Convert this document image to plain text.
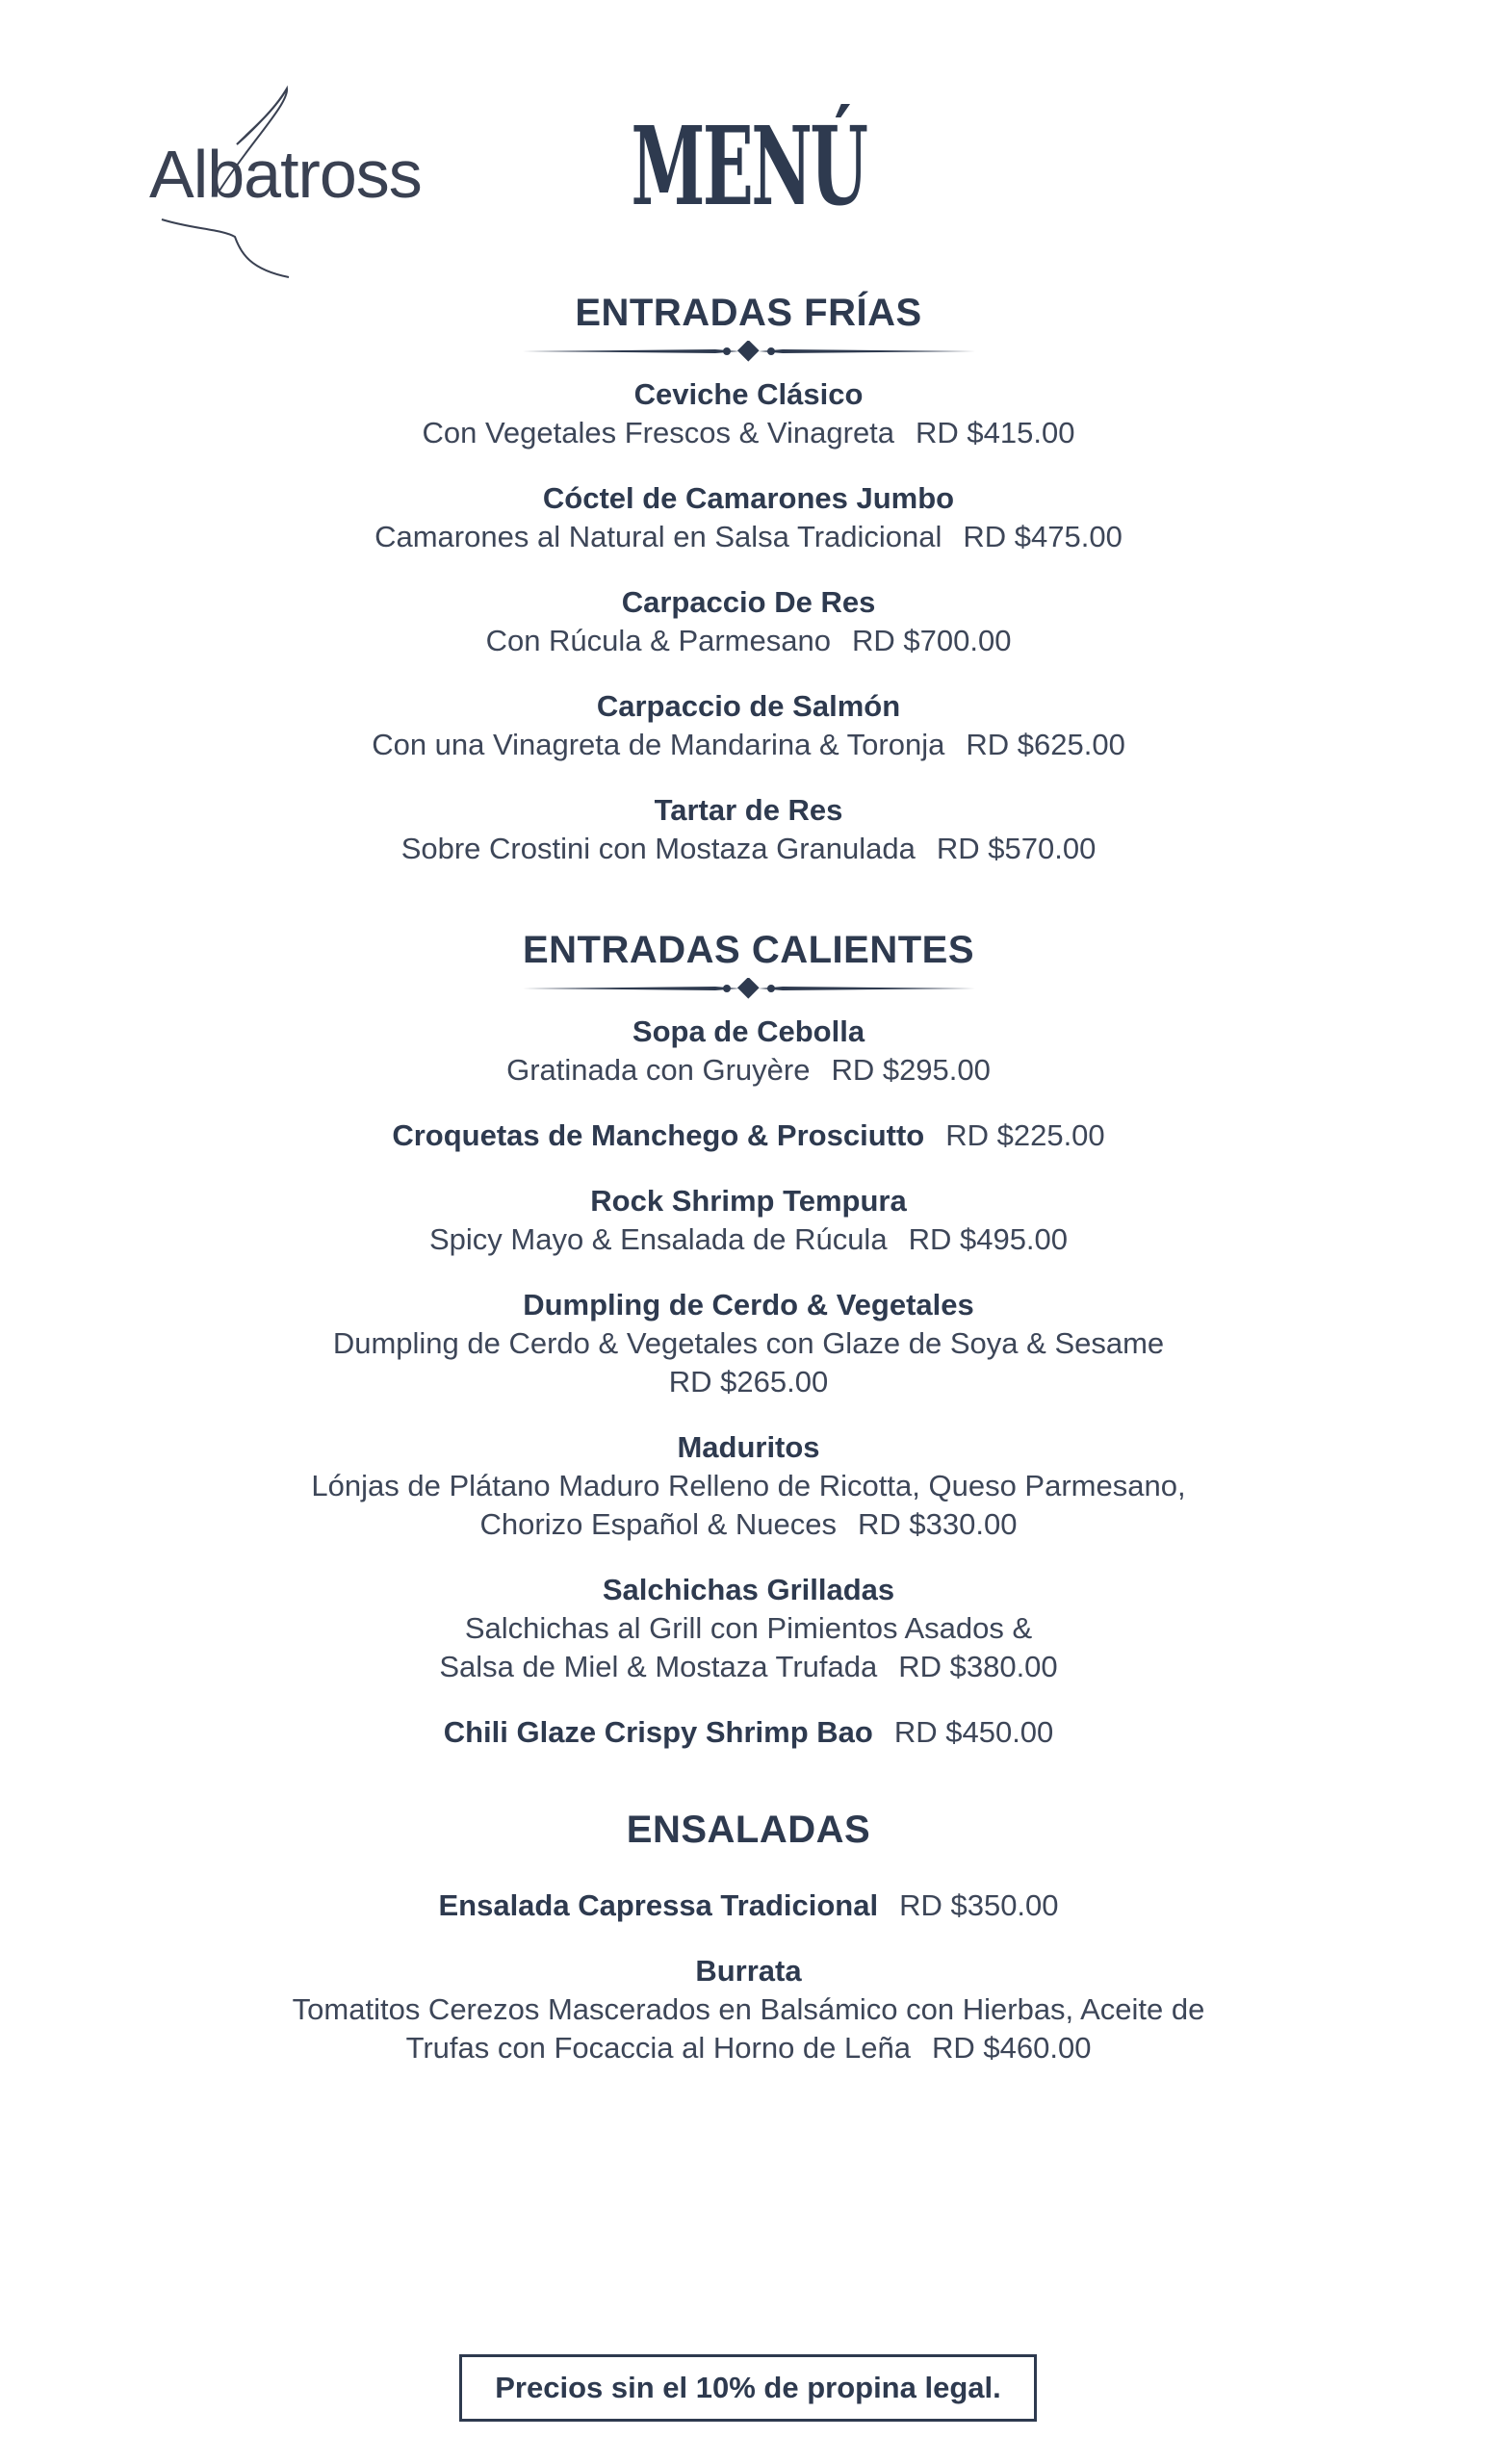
Albatross	MENÚ
ENTRADAS FRÍAS
Ceviche Clásico
Con Vegetales Frescos & Vinagreta RD $415.00
Cóctel de Camarones Jumbo
Camarones al Natural en Salsa Tradicional RD $475.00
Carpaccio De Res
Con Rúcula & Parmesano RD $700.00
Carpaccio de Salmón
Con una Vinagreta de Mandarina & Toronja RD $625.00
Tartar de Res
Sobre Crostini con Mostaza Granulada RD $570.00
ENTRADAS CALIENTES
Sopa de Cebolla
Gratinada con Gruyère RD $295.00
Croquetas de Manchego & Prosciutto RD $225.00
Rock Shrimp Tempura
Spicy Mayo & Ensalada de Rúcula RD $495.00
Dumpling de Cerdo & Vegetales
Dumpling de Cerdo & Vegetales con Glaze de Soya & Sesame
RD $265.00
Maduritos
Lónjas de Plátano Maduro Relleno de Ricotta, Queso Parmesano,
Chorizo Español & Nueces RD $330.00
Salchichas Grilladas
Salchichas al Grill con Pimientos Asados &
Salsa de Miel & Mostaza Trufada RD $380.00
Chili Glaze Crispy Shrimp Bao RD $450.00
ENSALADAS
Ensalada Capressa Tradicional RD $350.00
Burrata
Tomatitos Cerezos Mascerados en Balsámico con Hierbas, Aceite de
Trufas con Focaccia al Horno de Leña RD $460.00
Precios sin el 10% de propina legal.
